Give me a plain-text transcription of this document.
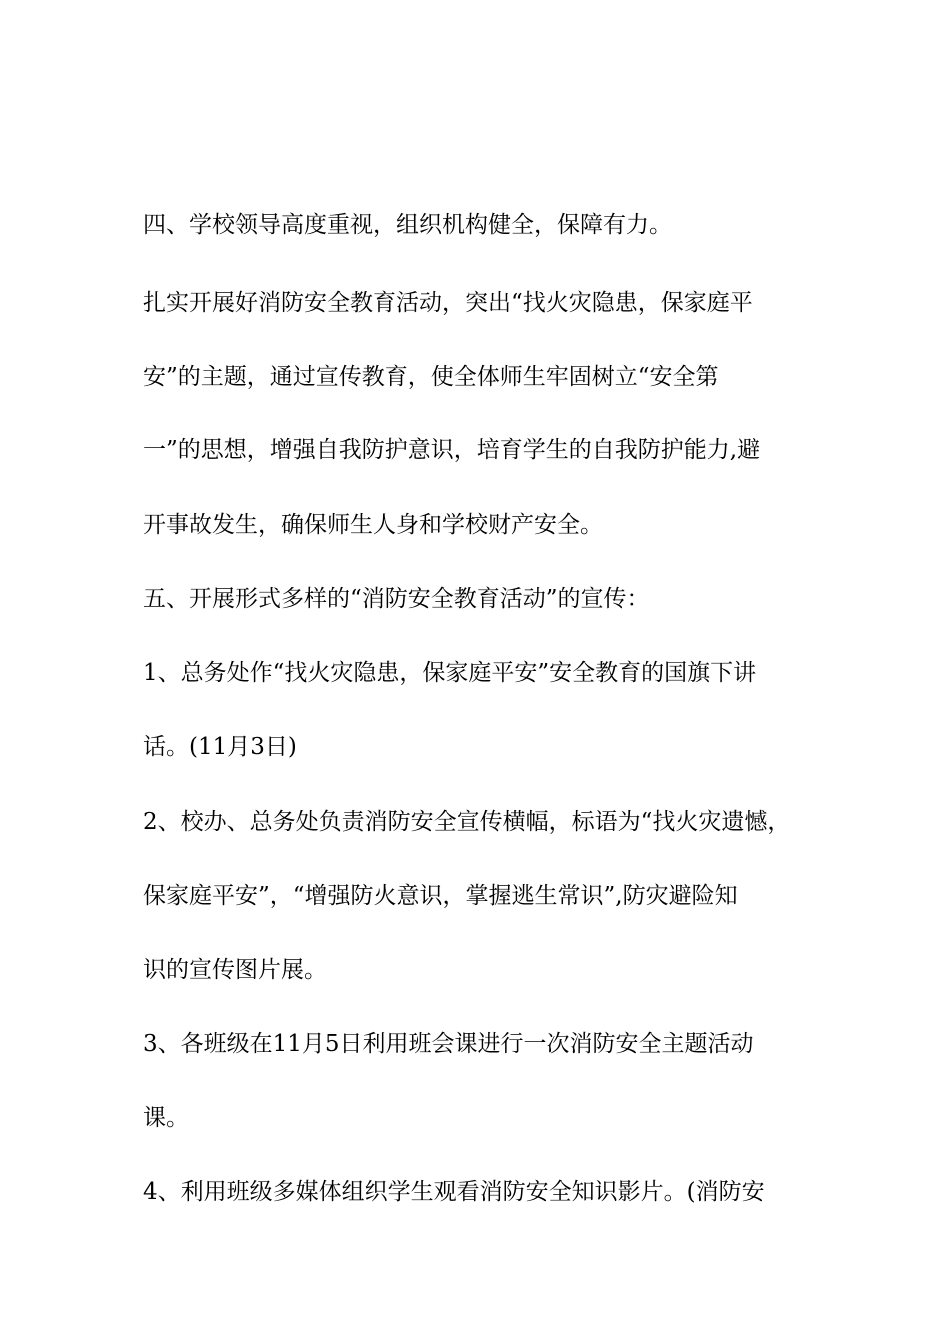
四、学校领导高度重视，组织机构健全，保障有力。
扎实开展好消防安全教育活动，突出“找火灾隐患，保家庭平
安”的主题，通过宣传教育，使全体师生牢固树立“安全第
一”的思想，增强自我防护意识，培育学生的自我防护能力,避
开事故发生，确保师生人身和学校财产安全。
五、开展形式多样的“消防安全教育活动”的宣传：
1、总务处作“找火灾隐患，保家庭平安”安全教育的国旗下讲
话。(11月3日)
2、校办、总务处负责消防安全宣传横幅，标语为“找火灾遗憾，
保家庭平安”，“增强防火意识，掌握逃生常识”,防灾避险知
识的宣传图片展。
3、各班级在11月5日利用班会课进行一次消防安全主题活动
课。
4、利用班级多媒体组织学生观看消防安全知识影片。(消防安
